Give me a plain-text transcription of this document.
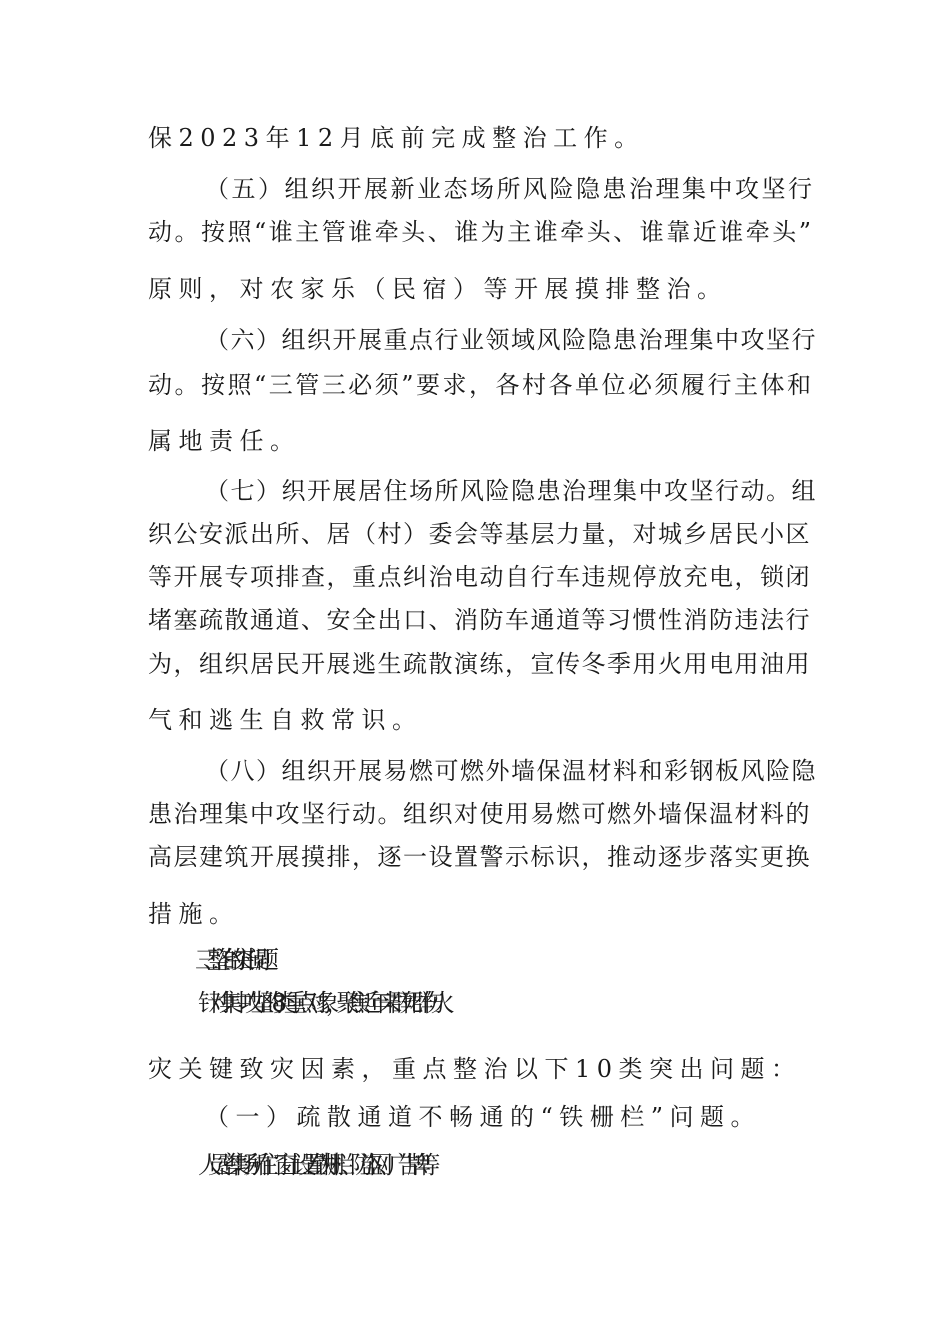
保2023年12月底前完成整治工作。
（五）组织开展新业态场所风险隐患治理集中攻坚行
动。按照“谁主管谁牵头、谁为主谁牵头、谁靠近谁牵头”
原则，对农家乐（民宿）等开展摸排整治。
（六）组织开展重点行业领域风险隐患治理集中攻坚行
动。按照“三管三必须”要求，各村各单位必须履行主体和
属地责任。
（七）织开展居住场所风险隐患治理集中攻坚行动。组
织公安派出所、居（村）委会等基层力量，对城乡居民小区
等开展专项排查，重点纠治电动自行车违规停放充电，锁闭
堵塞疏散通道、安全出口、消防车通道等习惯性消防违法行
为，组织居民开展逃生疏散演练，宣传冬季用火用电用油用
气和逃生自救常识。
（八）组织开展易燃可燃外墙保温材料和彩钢板风险隐
患治理集中攻坚行动。组织对使用易燃可燃外墙保温材料的
高层建筑开展摸排，逐一设置警示标识，推动逐步落实更换
措施。
三、　整治的突出问题
针对集中攻坚的8类重点对象，聚焦近年来群死群伤火
灾关键致灾因素，重点整治以下10类突出问题：
（一）疏散通道不畅通的“铁栅栏”问题。
人员密集场所在门窗上设置铁栅栏、防盗网、广告牌等
